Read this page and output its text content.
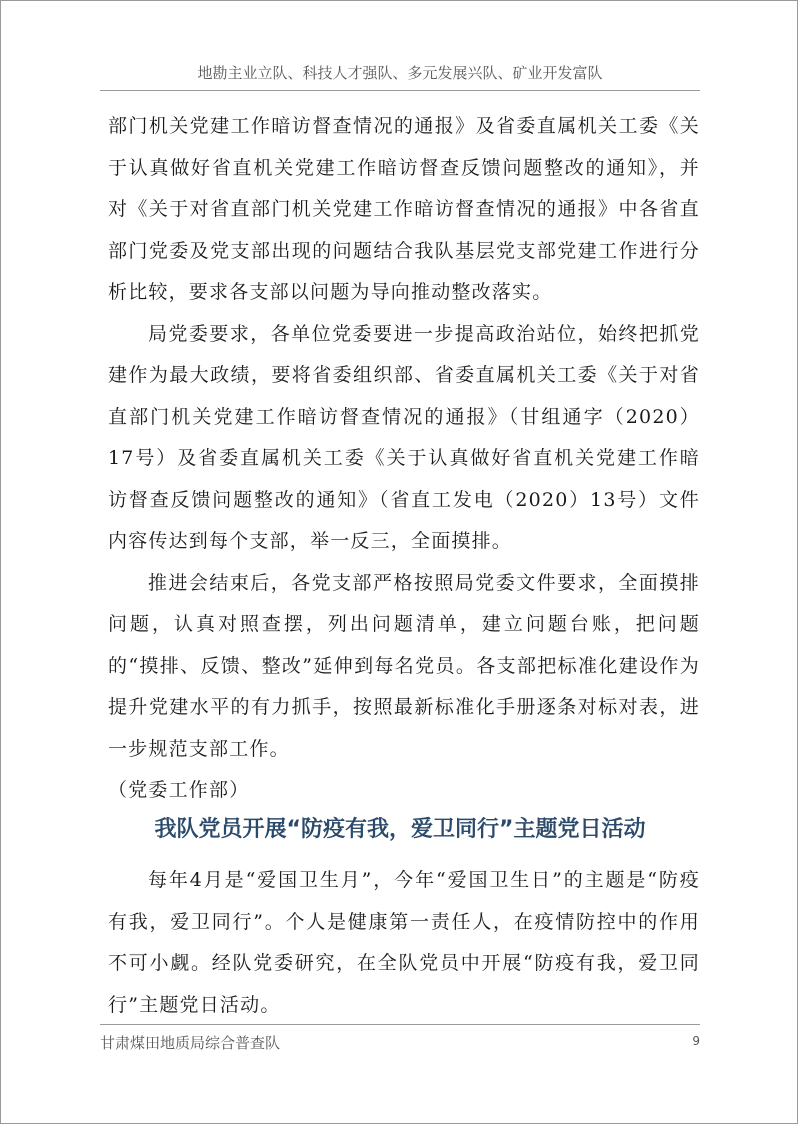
地勘主业立队、科技人才强队、多元发展兴队、矿业开发富队

部门机关党建工作暗访督查情况的通报》及省委直属机关工委《关于认真做好省直机关党建工作暗访督查反馈问题整改的通知》，并对《关于对省直部门机关党建工作暗访督查情况的通报》中各省直部门党委及党支部出现的问题结合我队基层党支部党建工作进行分析比较，要求各支部以问题为导向推动整改落实。

局党委要求，各单位党委要进一步提高政治站位，始终把抓党建作为最大政绩，要将省委组织部、省委直属机关工委《关于对省直部门机关党建工作暗访督查情况的通报》（甘组通字（2020）17号）及省委直属机关工委《关于认真做好省直机关党建工作暗访督查反馈问题整改的通知》（省直工发电（2020）13号）文件内容传达到每个支部，举一反三，全面摸排。

推进会结束后，各党支部严格按照局党委文件要求，全面摸排问题，认真对照查摆，列出问题清单，建立问题台账，把问题的“摸排、反馈、整改”延伸到每名党员。各支部把标准化建设作为提升党建水平的有力抓手，按照最新标准化手册逐条对标对表，进一步规范支部工作。

（党委工作部）

我队党员开展“防疫有我，爱卫同行”主题党日活动

每年4月是“爱国卫生月”，今年“爱国卫生日”的主题是“防疫有我，爱卫同行”。个人是健康第一责任人，在疫情防控中的作用不可小觑。经队党委研究，在全队党员中开展“防疫有我，爱卫同行”主题党日活动。

甘肃煤田地质局综合普查队	9
